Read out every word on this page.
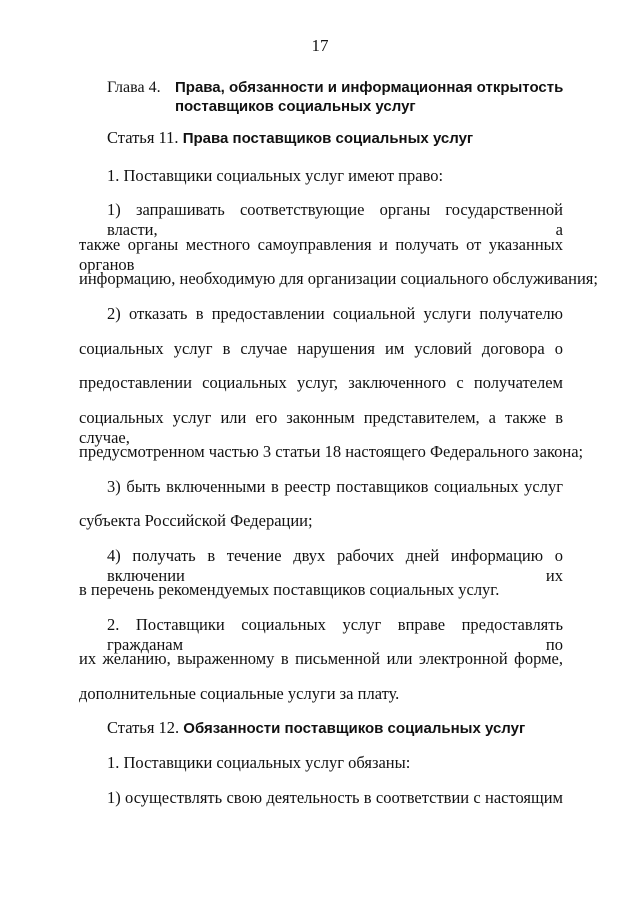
17
Глава 4. Права, обязанности и информационная открытость
поставщиков социальных услуг
Статья 11. Права поставщиков социальных услуг
1. Поставщики социальных услуг имеют право:
1) запрашивать соответствующие органы государственной власти, а
также органы местного самоуправления и получать от указанных органов
информацию, необходимую для организации социального обслуживания;
2) отказать в предоставлении социальной услуги получателю
социальных услуг в случае нарушения им условий договора о
предоставлении социальных услуг, заключенного с получателем
социальных услуг или его законным представителем, а также в случае,
предусмотренном частью 3 статьи 18 настоящего Федерального закона;
3) быть включенными в реестр поставщиков социальных услуг
субъекта Российской Федерации;
4) получать в течение двух рабочих дней информацию о включении их
в перечень рекомендуемых поставщиков социальных услуг.
2. Поставщики социальных услуг вправе предоставлять гражданам по
их желанию, выраженному в письменной или электронной форме,
дополнительные социальные услуги за плату.
Статья 12. Обязанности поставщиков социальных услуг
1. Поставщики социальных услуг обязаны:
1) осуществлять свою деятельность в соответствии с настоящим
